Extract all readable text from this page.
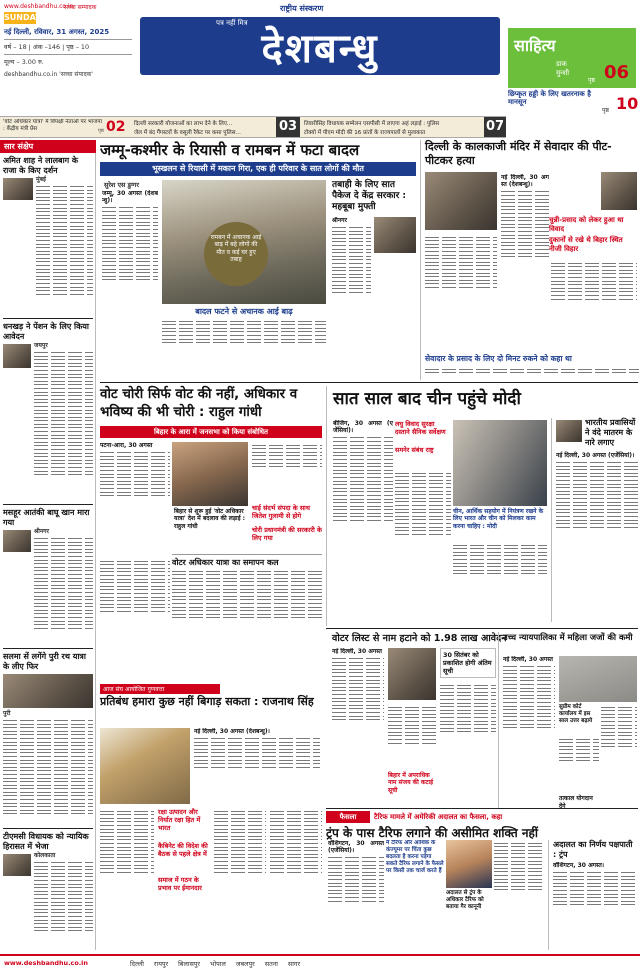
www.deshbandhu.co.in
सच्चा सम्पादक
SUNDAY
नई दिल्ली, रविवार, 31 अगस्त, 2025
वर्ष – 18 | अंक –146 | पृष्ठ – 10
मूल्य – 3.00 रु.
deshbandhu.co.in 'सच्चा संपादक'
राष्ट्रीय संस्करण
पत्र नहीं मित्र
देशबन्धु	साहित्य
डाक
मुन्शी
पृष्ठ 06
छिप्कृत हड्डी के लिए खतरनाक है मानसून
पृष्ठ 10
'वोट अधिकार यात्रा' में विपक्षी नेताओं पर भाजपा : केंद्रीय मंत्री प्रेस	पृष्ठ 02 दिल्ली सरकारी योजनाओं का लाभ देने के लिए...
जेल में बंद गैंगस्टरों के वसूली रैकेट पर कसा पुलिस...	03	तिवारीसिंह विधायक सम्मेलन एसपीसी में लाएगा अहं लड़ाई : पुलिस
टोक्यो में पीएम मोदी की 16 प्रांतों के राज्यपालों से मुलाकात	07
सार संक्षेप
अमित शाह ने लालबाग के राजा के किए दर्शन
मुंबई
धनखड़ ने पेंशन के लिए किया आवेदन
जयपुर
मसहूर आतंकी बाघू खान मारा गया
श्रीनगर
सलमा सें लगेंगे पुरी रथ यात्रा के लीए फिर
पुरी
टीएमसी विधायक को न्यायिक हिरासत में भेजा
कोलकाता
जम्मू-कश्मीर के रियासी व रामबन में फटा बादल
भूस्खलन से रियासी में मकान गिरा, एक ही परिवार के सात लोगों की मौत
सुरेश एस डुग्गर
जम्मू, 30 अगस्त (देशबन्धु)।
रामबन में अचानक आई बाढ़ में बहे लोगों की मौत व कई घर हुए तबाह
बादल फटने से अचानक आई बाढ़
तबाही के लिए सात पैकेज दे केंद्र सरकार : महबूबा मुफ्ती
श्रीनगर
दिल्ली के कालकाजी मंदिर में सेवादार की पीट-पीटकर हत्या
चुन्नी-प्रसाद को लेकर हुआ था विवाद
दुकानों से रखे थे बिहार स्थित नीजी विहार
नई दिल्ली, 30 अगस्त (देशबन्धु)।
सेवादार के प्रसाद के लिए दो मिनट रुकने को कहा था
वोट चोरी सिर्फ वोट की नहीं, अधिकार व भविष्य की भी चोरी : राहुल गांधी
बिहार के आरा में जनसभा को किया संबोधित
पटना-आरा, 30 अगस्त
बिहार से शुरू हुई 'वोट अधिकार यात्रा' देश में बदलाव की लड़ाई : राहुल गांधी
चाई संदर्भ संपदा के साथ जितेश गुलामी से होगे
चोरी प्रधानमंत्री की सरकारी के लिए गया
वोटर अधिकार यात्रा का समापन कल
सात साल बाद चीन पहुंचे मोदी
बीजिंग, 30 अगस्त (एजेंसियां)।
लघु विवाद सुरक्षा दस्ताने सैनिक सर्वेक्षण
समनेर संबंध राष्ट्र
चीन, आर्थिक सहयोग में नियंत्रण रखने के लिए भारत और चीन को मिलकर काम करना चाहिए : मोदी
भारतीय प्रवासियों ने वंदे मातरम के नारे लगाए
नई दिल्ली, 30 अगस्त (एजेंसियां)।
आज संघ आयोजित गुणवत्ता
प्रतिबंध हमारा कुछ नहीं बिगाड़ सकता : राजनाथ सिंह
नई दिल्ली, 30 अगस्त (देशबन्धु)।
रक्षा उत्पादन और निर्यात रक्षा हित में भारत
कैबिनेट की विदेश की बैठक से पहले क्षेत्र में
समाज में गठन के प्रभाव पर ईमानदार
वोटर लिस्ट से नाम हटाने को 1.98 लाख आवेदन
नई दिल्ली, 30 अगस्त	30 सितंबर को प्रकाशित होगी अंतिम सूची
बिहार में अपराधिक नाम संजय की कटाई सूची
उच्च न्यायपालिका में महिला जजों की कमी
नई दिल्ली, 30 अगस्त
सुप्रीम कोर्ट कार्यालय में इस साल उत्तर बढ़ाये
तत्काल योगदान देंगे
फैसला	टैरिफ मामले में अमेरिकी अदालत का फैसला, कहा
ट्रंप के पास टैरिफ लगाने की असीमित शक्ति नहीं
वॉशिंगटन, 30 अगस्त (एजेंसियां)।
मैं टैरिफ और आर्थिक के कंज्यूमर पर चिंता कुछ बदलता है करना पड़ेगा सकते टैरिफ लगाने के फैसले पर किसी तक चार्ज करते हैं
अदालत से ट्रंप के अधिकार टैरिफ को बताया गैर कानूनी
अदालत का निर्णय पक्षपाती : ट्रंप
वॉशिंगटन, 30 अगस्त।
www.deshbandhu.co.in	दिल्ली रायपुर बिलासपुर भोपाल जबलपुर सतना सागर
